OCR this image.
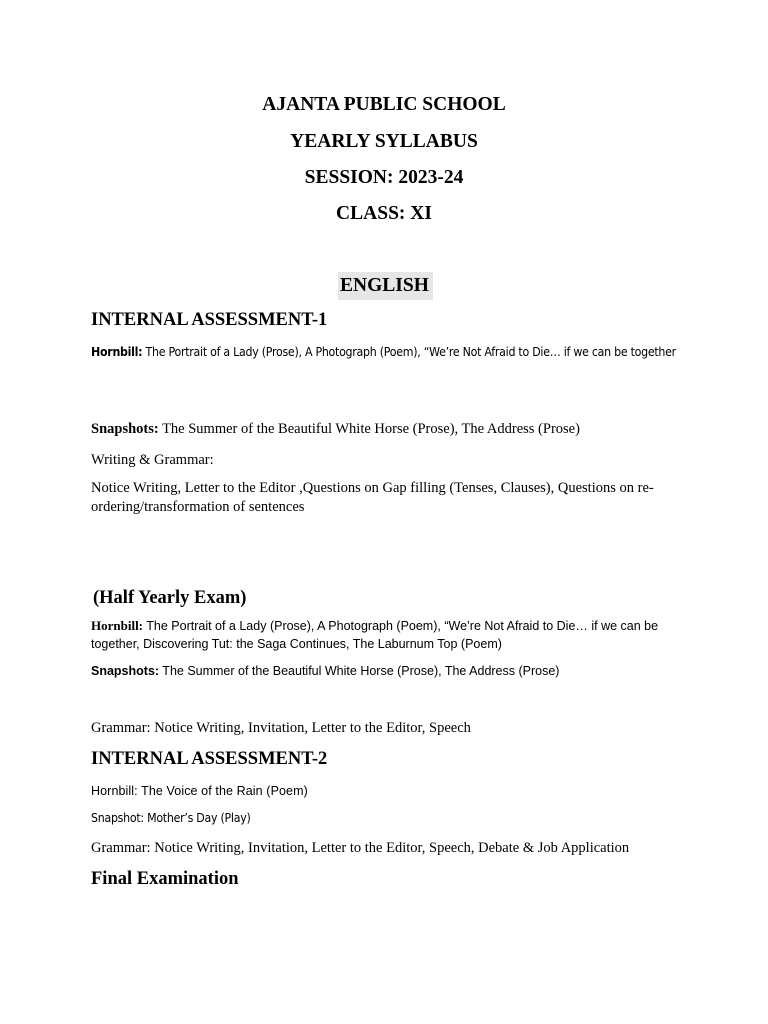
AJANTA PUBLIC SCHOOL
YEARLY SYLLABUS
SESSION: 2023-24
CLASS: XI
ENGLISH
INTERNAL ASSESSMENT-1

Hornbill: The Portrait of a Lady (Prose), A Photograph (Poem), “We’re Not Afraid to Die… if we can be together

Snapshots: The Summer of the Beautiful White Horse (Prose), The Address (Prose)

Writing & Grammar:

Notice Writing, Letter to the Editor ,Questions on Gap filling (Tenses, Clauses), Questions on re-ordering/transformation of sentences

(Half Yearly Exam)

Hornbill: The Portrait of a Lady (Prose), A Photograph (Poem), “We’re Not Afraid to Die… if we can be together, Discovering Tut: the Saga Continues, The Laburnum Top (Poem)

Snapshots: The Summer of the Beautiful White Horse (Prose), The Address (Prose)

Grammar: Notice Writing, Invitation, Letter to the Editor, Speech

INTERNAL ASSESSMENT-2

Hornbill: The Voice of the Rain (Poem)

Snapshot: Mother’s Day (Play)

Grammar: Notice Writing, Invitation, Letter to the Editor, Speech, Debate & Job Application

Final Examination
